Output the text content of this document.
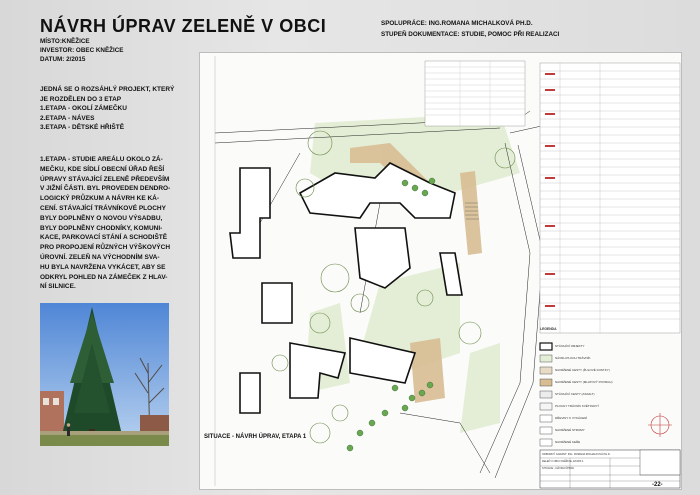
NÁVRH ÚPRAV ZELENĚ V OBCI
MÍSTO:KNĚŽICE
INVESTOR: OBEC KNĚŽICE
DATUM: 2/2015
SPOLUPRÁCE: ING.ROMANA MICHALKOVÁ PH.D.
STUPEŇ DOKUMENTACE: STUDIE, POMOC PŘI REALIZACI

JEDNÁ SE O ROZSÁHLÝ PROJEKT, KTERÝ

JE ROZDĚLEN DO 3 ETAP

1.ETAPA - OKOLÍ ZÁMEČKU

2.ETAPA - NÁVES

3.ETAPA - DĚTSKÉ HŘIŠTĚ

1.ETAPA - STUDIE AREÁLU OKOLO ZÁ-

MEČKU, KDE SÍDLÍ OBECNÍ ÚŘAD ŘEŠÍ

ÚPRAVY STÁVAJÍCÍ ZELENĚ PŘEDEVŠÍM

V JIŽNÍ ČÁSTI. BYL PROVEDEN DENDRO-

LOGICKÝ PRŮZKUM A NÁVRH KE KÁ-

CENÍ. STÁVAJÍCÍ TRÁVNÍKOVÉ PLOCHY

BYLY DOPLNĚNY O NOVOU VÝSADBU,

BYLY DOPLNĚNY CHODNÍKY, KOMUNI-

KACE, PARKOVACÍ STÁNÍ A SCHODIŠTĚ

PRO PROPOJENÍ RŮZNÝCH VÝŠKOVÝCH

ÚROVNÍ. ZELEŇ NA VÝCHODNÍM SVA-

HU BYLA NAVRŽENA VYKÁCET, ABY SE

ODKRYL POHLED NA ZÁMEČEK Z HLAV-

NÍ SILNICE.

LEGENDA
STÁVAJÍCÍ OBJEKTY
NÁVRH PLOCH TRÁVNÍK
NAVRŽENÉ CESTY (ŽULOVÉ KOSTKY)
NAVRŽENÉ CESTY (MLATOVÝ POVRCH)
STÁVAJÍCÍ CESTY (ASFALT)
PLOCHY TRÁVNÍK KVĚTINOVÝ
DŘEVINY K VYKÁCENÍ
NAVRŽENÉ STROMY
NAVRŽENÉ KEŘE
ODBORNÝ GARANT: ING. ROMANA MICHALKOVÁ PH.D.
ZELEŇ V OBCI KNĚŽICE, ETAPA 1
SITUACE - NÁVRH ÚPRAV
SITUACE - NÁVRH ÚPRAV, ETAPA 1
-22-
